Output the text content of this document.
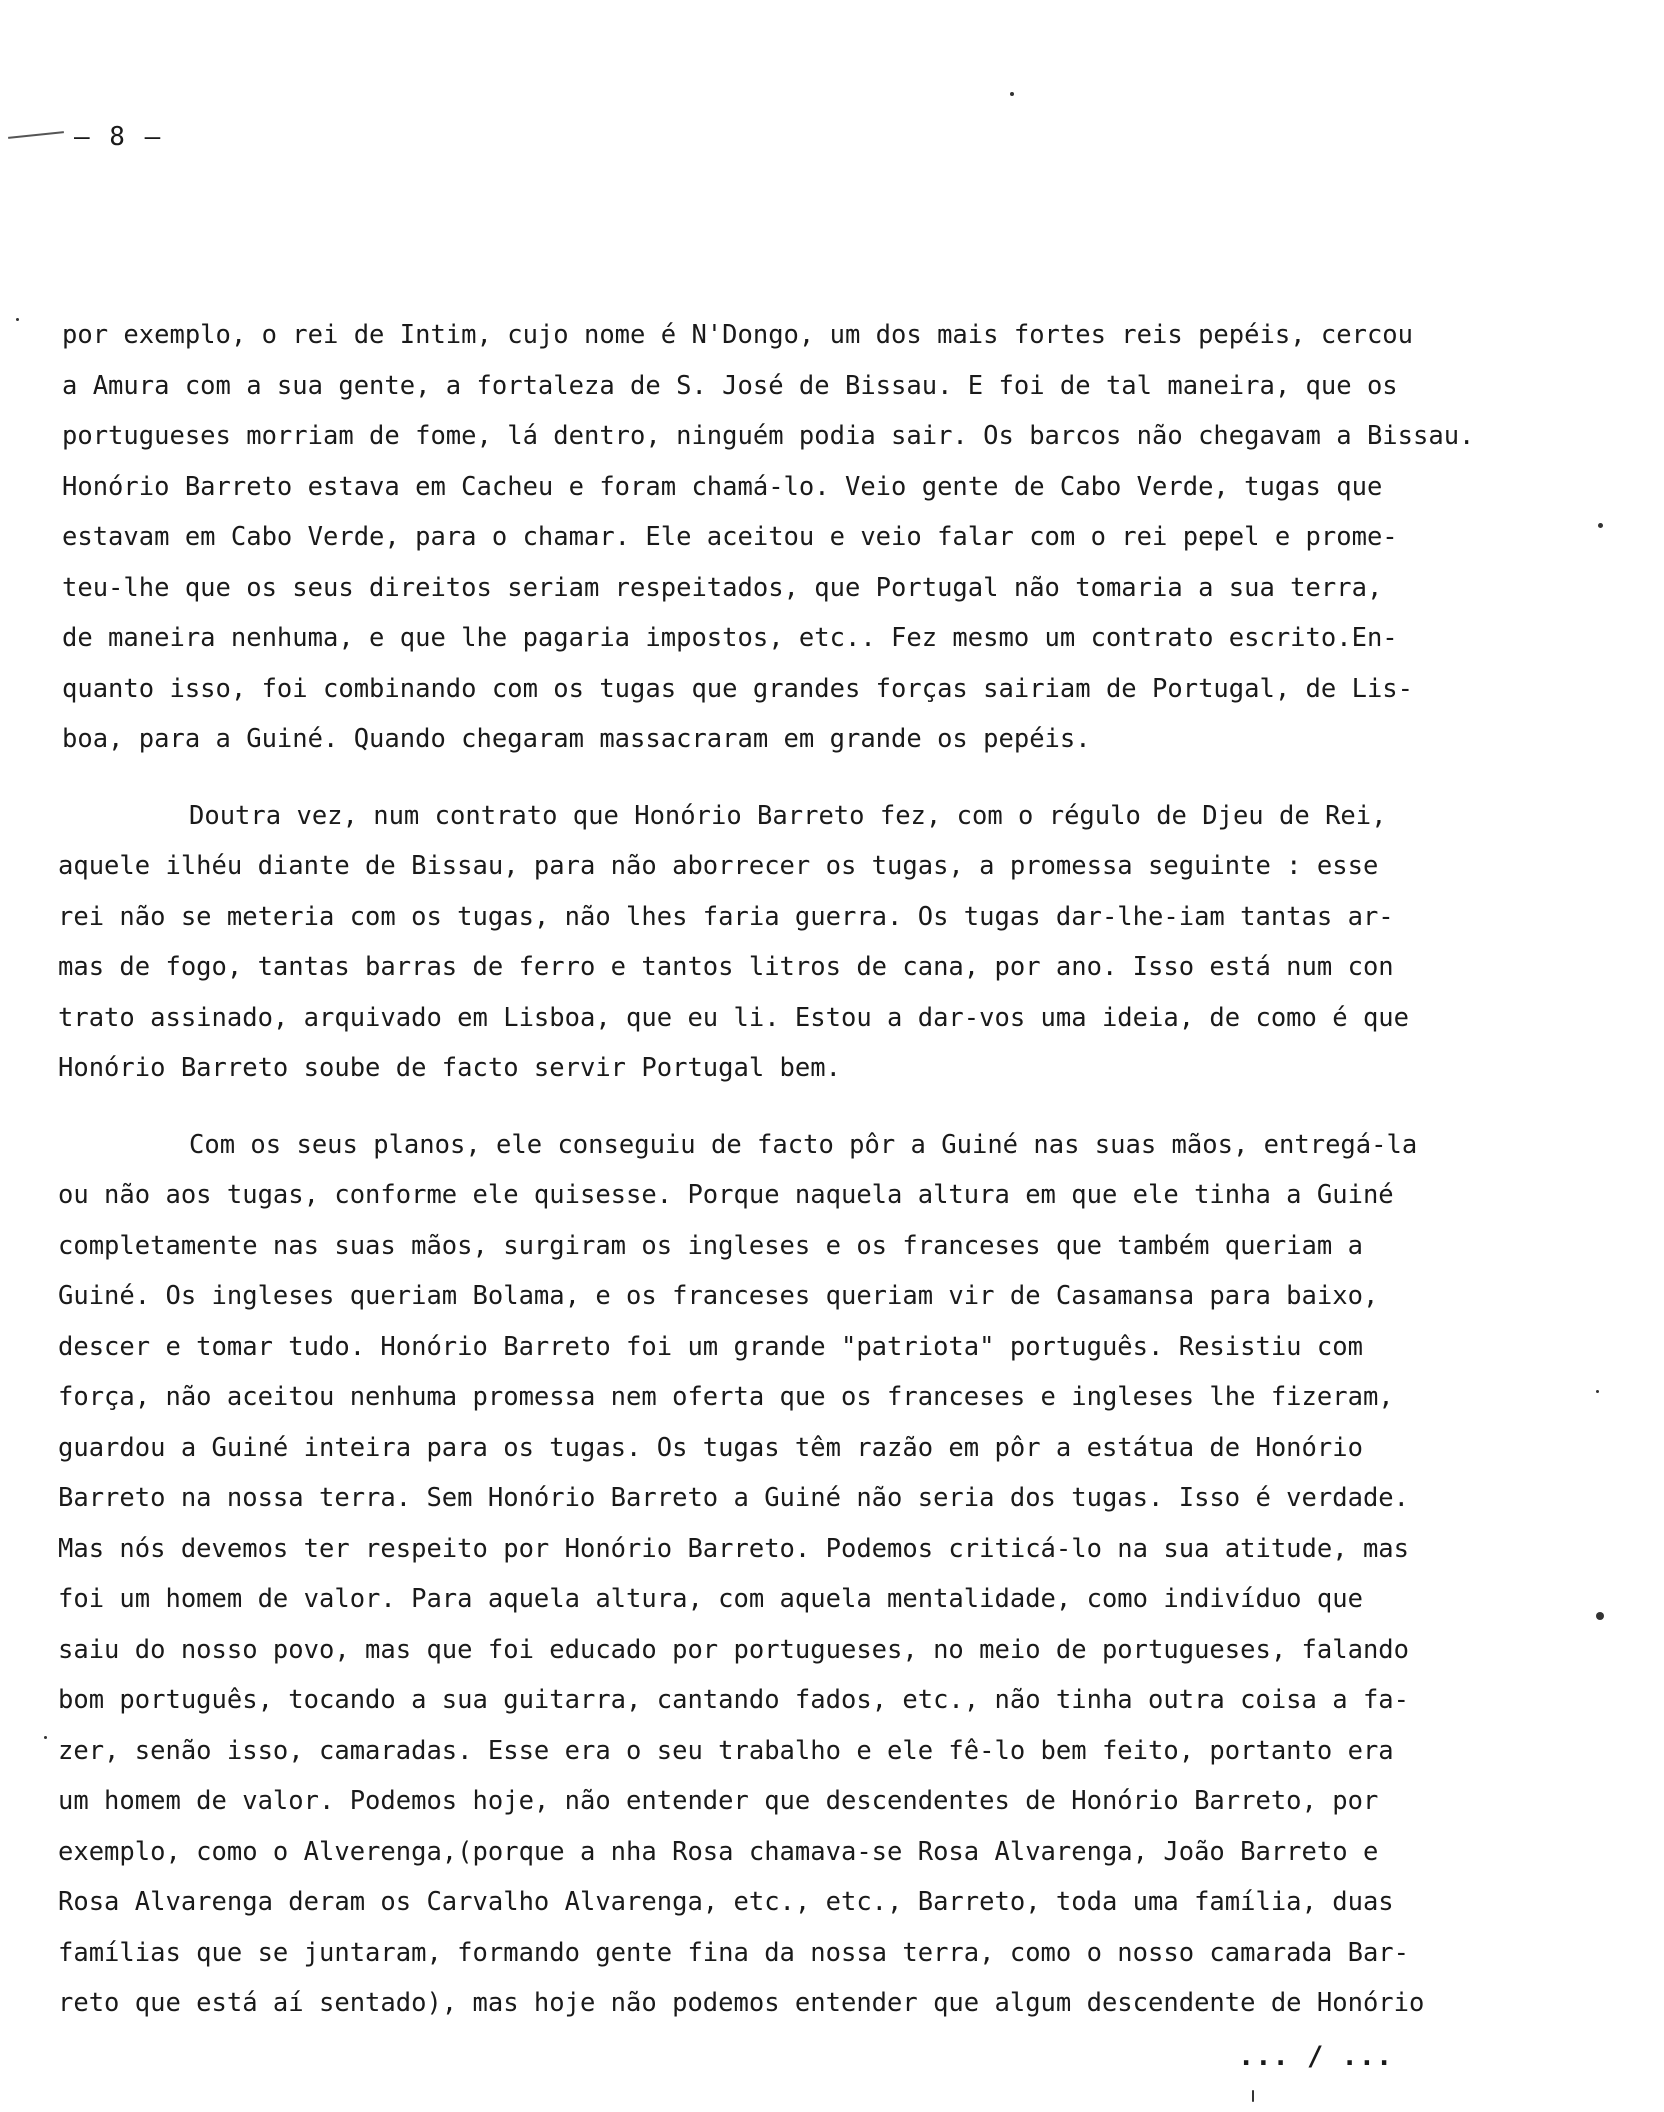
— 8 —
por exemplo, o rei de Intim, cujo nome é N'Dongo, um dos mais fortes reis pepéis, cercou
a Amura com a sua gente, a fortaleza de S. José de Bissau. E foi de tal maneira, que os
portugueses morriam de fome, lá dentro, ninguém podia sair. Os barcos não chegavam a Bissau.
Honório Barreto estava em Cacheu e foram chamá-lo. Veio gente de Cabo Verde, tugas que
estavam em Cabo Verde, para o chamar. Ele aceitou e veio falar com o rei pepel e prome-
teu-lhe que os seus direitos seriam respeitados, que Portugal não tomaria a sua terra,
de maneira nenhuma, e que lhe pagaria impostos, etc.. Fez mesmo um contrato escrito.En-
quanto isso, foi combinando com os tugas que grandes forças sairiam de Portugal, de Lis-
boa, para a Guiné. Quando chegaram massacraram em grande os pepéis.
Doutra vez, num contrato que Honório Barreto fez, com o régulo de Djeu de Rei,
aquele ilhéu diante de Bissau, para não aborrecer os tugas, a promessa seguinte : esse
rei não se meteria com os tugas, não lhes faria guerra. Os tugas dar-lhe-iam tantas ar-
mas de fogo, tantas barras de ferro e tantos litros de cana, por ano. Isso está num con
trato assinado, arquivado em Lisboa, que eu li. Estou a dar-vos uma ideia, de como é que
Honório Barreto soube de facto servir Portugal bem.
Com os seus planos, ele conseguiu de facto pôr a Guiné nas suas mãos, entregá-la
ou não aos tugas, conforme ele quisesse. Porque naquela altura em que ele tinha a Guiné
completamente nas suas mãos, surgiram os ingleses e os franceses que também queriam a
Guiné. Os ingleses queriam Bolama, e os franceses queriam vir de Casamansa para baixo,
descer e tomar tudo. Honório Barreto foi um grande "patriota" português. Resistiu com
força, não aceitou nenhuma promessa nem oferta que os franceses e ingleses lhe fizeram,
guardou a Guiné inteira para os tugas. Os tugas têm razão em pôr a estátua de Honório
Barreto na nossa terra. Sem Honório Barreto a Guiné não seria dos tugas. Isso é verdade.
Mas nós devemos ter respeito por Honório Barreto. Podemos criticá-lo na sua atitude, mas
foi um homem de valor. Para aquela altura, com aquela mentalidade, como indivíduo que
saiu do nosso povo, mas que foi educado por portugueses, no meio de portugueses, falando
bom português, tocando a sua guitarra, cantando fados, etc., não tinha outra coisa a fa-
zer, senão isso, camaradas. Esse era o seu trabalho e ele fê-lo bem feito, portanto era
um homem de valor. Podemos hoje, não entender que descendentes de Honório Barreto, por
exemplo, como o Alverenga,(porque a nha Rosa chamava-se Rosa Alvarenga, João Barreto e
Rosa Alvarenga deram os Carvalho Alvarenga, etc., etc., Barreto, toda uma família, duas
famílias que se juntaram, formando gente fina da nossa terra, como o nosso camarada Bar-
reto que está aí sentado), mas hoje não podemos entender que algum descendente de Honório
... / ...
